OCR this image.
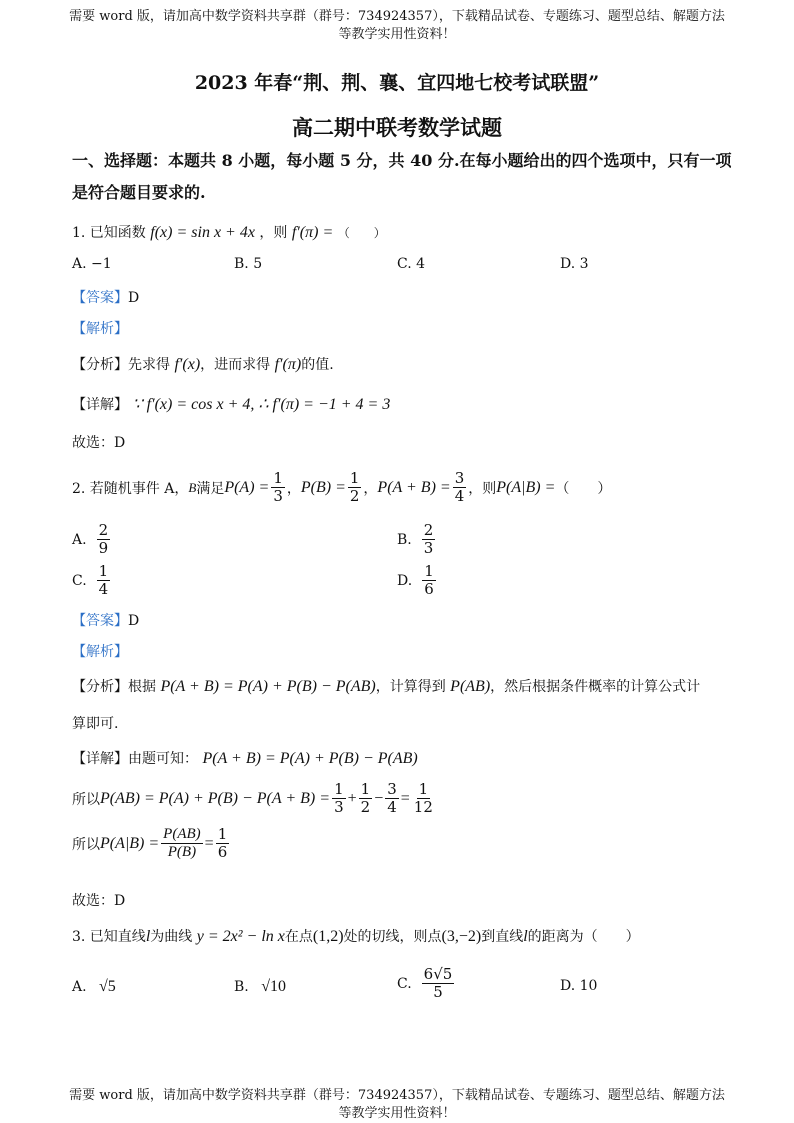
需要 word 版，请加高中数学资料共享群（群号：734924357），下载精品试卷、专题练习、题型总结、解题方法
等教学实用性资料！
2023 年春“荆、荆、襄、宜四地七校考试联盟”
高二期中联考数学试题
一、选择题：本题共 8 小题，每小题 5 分，共 40 分.在每小题给出的四个选项中，只有一项是符合题目要求的.
1. 已知函数 f(x) = sin x + 4x ，则 f′(π) = （　　）
A. −1	B. 5	C. 4	D. 3
【答案】D
【解析】
【分析】先求得 f′(x)，进而求得 f′(π)的值.
【详解】 ∵ f′(x) = cos x + 4, ∴ f′(π) = −1 + 4 = 3
故选：D
2. 若随机事件 A， B 满足 $P(A) = \frac{1}{3}$ ， $P(B) = \frac{1}{2}$ ， $P(A + B) = \frac{3}{4}$ ，则 P(A|B) = （　　）
A. $\frac{2}{9}$	B. $\frac{2}{3}$
C. $\frac{1}{4}$	D. $\frac{1}{6}$
【答案】D
【解析】
【分析】根据 P(A + B) = P(A) + P(B) − P(AB)，计算得到 P(AB)，然后根据条件概率的计算公式计
算即可.
【详解】由题可知： P(A + B) = P(A) + P(B) − P(AB)
所以 $P(AB) = P(A) + P(B) - P(A + B) = \frac{1}{3} + \frac{1}{2} - \frac{3}{4} = \frac{1}{12}$
所以 $P(A|B) = \frac{P(AB)}{P(B)} = \frac{1}{6}$
故选：D
3. 已知直线l为曲线 y = 2x² − ln x在点(1,2)处的切线，则点(3,−2)到直线l的距离为（　　）
A. √5	B. √10	C. $\frac{6√5}{5}$	D. 10
需要 word 版，请加高中数学资料共享群（群号：734924357），下载精品试卷、专题练习、题型总结、解题方法
等教学实用性资料！
